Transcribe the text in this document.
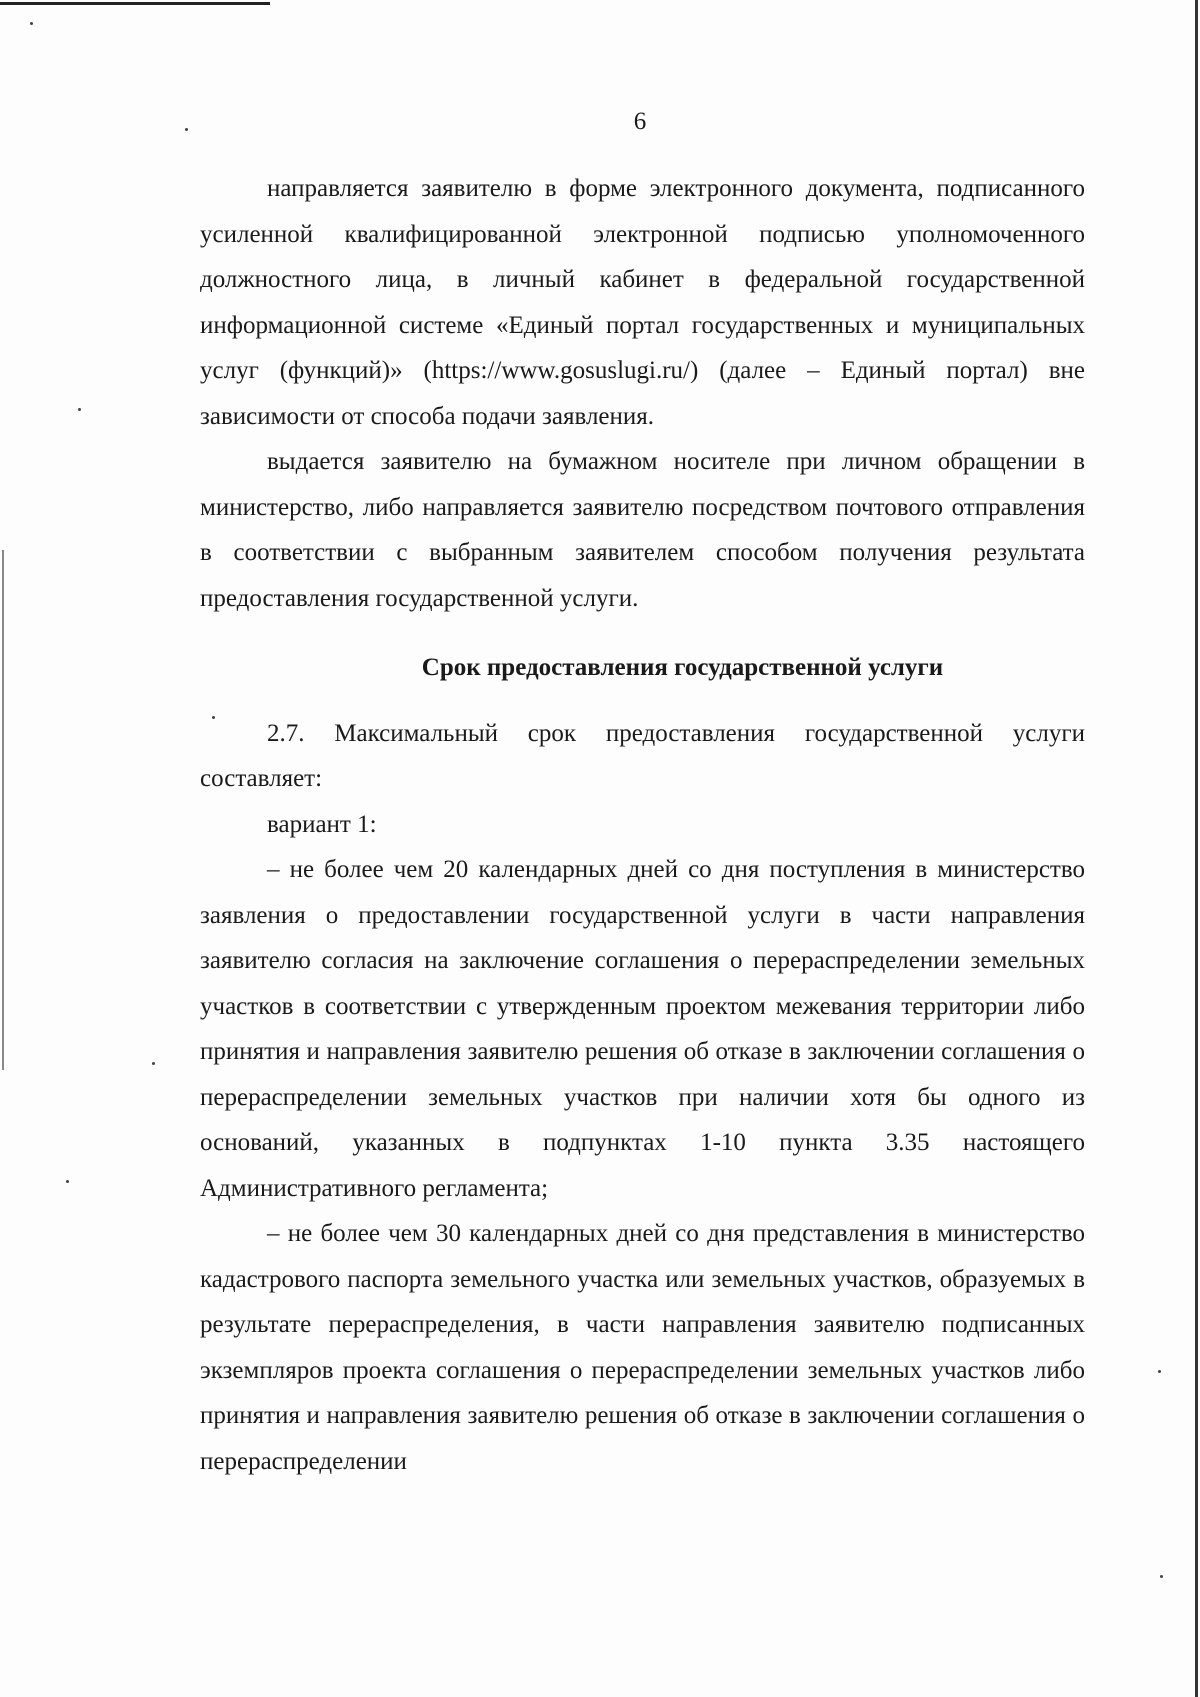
6

направляется заявителю в форме электронного документа, подписанного усиленной квалифицированной электронной подписью уполномоченного должностного лица, в личный кабинет в федеральной государственной информационной системе «Единый портал государственных и муниципальных услуг (функций)» (https://www.gosuslugi.ru/) (далее – Единый портал) вне зависимости от способа подачи заявления.

выдается заявителю на бумажном носителе при личном обращении в министерство, либо направляется заявителю посредством почтового отправления в соответствии с выбранным заявителем способом получения результата предоставления государственной услуги.

Срок предоставления государственной услуги

2.7. Максимальный срок предоставления государственной услуги составляет:

вариант 1:

– не более чем 20 календарных дней со дня поступления в министерство заявления о предоставлении государственной услуги в части направления заявителю согласия на заключение соглашения о перераспределении земельных участков в соответствии с утвержденным проектом межевания территории либо принятия и направления заявителю решения об отказе в заключении соглашения о перераспределении земельных участков при наличии хотя бы одного из оснований, указанных в подпунктах 1-10 пункта 3.35 настоящего Административного регламента;

– не более чем 30 календарных дней со дня представления в министерство кадастрового паспорта земельного участка или земельных участков, образуемых в результате перераспределения, в части направления заявителю подписанных экземпляров проекта соглашения о перераспределении земельных участков либо принятия и направления заявителю решения об отказе в заключении соглашения о перераспределении
